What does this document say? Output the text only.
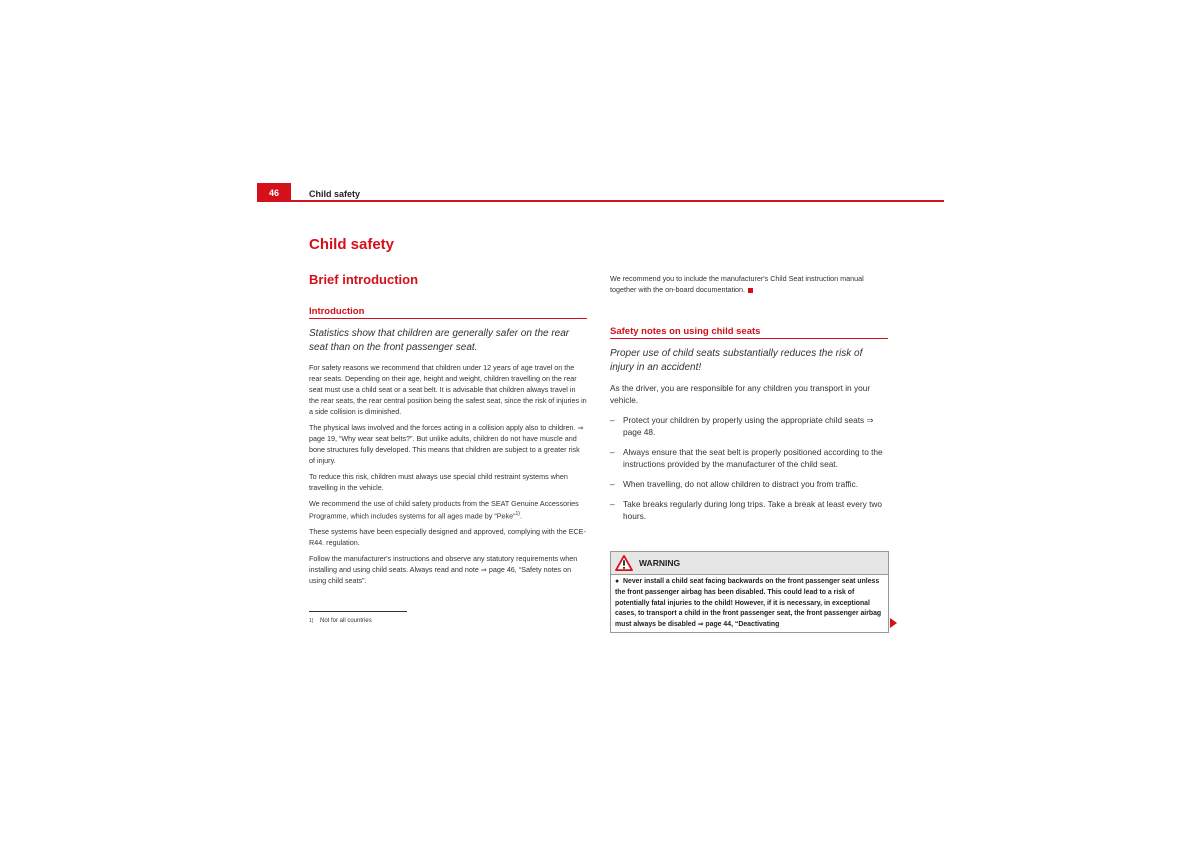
46	Child safety
Child safety
Brief introduction
Introduction

Statistics show that children are generally safer on the rear seat than on the front passenger seat.

For safety reasons we recommend that children under 12 years of age travel on the rear seats. Depending on their age, height and weight, children travelling on the rear seat must use a child seat or a seat belt. It is advisable that children always travel in the rear seats, the rear central position being the safest seat, since the risk of injuries in a side collision is diminished.

The physical laws involved and the forces acting in a collision apply also to children. ⇒ page 19, “Why wear seat belts?”. But unlike adults, children do not have muscle and bone structures fully developed. This means that children are subject to a greater risk of injury.

To reduce this risk, children must always use special child restraint systems when travelling in the vehicle.

We recommend the use of child safety products from the SEAT Genuine Accessories Programme, which includes systems for all ages made by “Peke”$^{1)}$.

These systems have been especially designed and approved, complying with the ECE-R44. regulation.

Follow the manufacturer's instructions and observe any statutory requirements when installing and using child seats. Always read and note ⇒ page 46, “Safety notes on using child seats”.

1) Not for all countries

We recommend you to include the manufacturer's Child Seat instruction manual together with the on-board documentation.

Safety notes on using child seats

Proper use of child seats substantially reduces the risk of injury in an accident!

As the driver, you are responsible for any children you transport in your vehicle.

– Protect your children by properly using the appropriate child seats ⇒ page 48.
– Always ensure that the seat belt is properly positioned according to the instructions provided by the manufacturer of the child seat.
– When travelling, do not allow children to distract you from traffic.
– Take breaks regularly during long trips. Take a break at least every two hours.
WARNING
● Never install a child seat facing backwards on the front passenger seat unless the front passenger airbag has been disabled. This could lead to a risk of potentially fatal injuries to the child! However, if it is necessary, in exceptional cases, to transport a child in the front passenger seat, the front passenger airbag must always be disabled ⇒ page 44, “Deactivating
